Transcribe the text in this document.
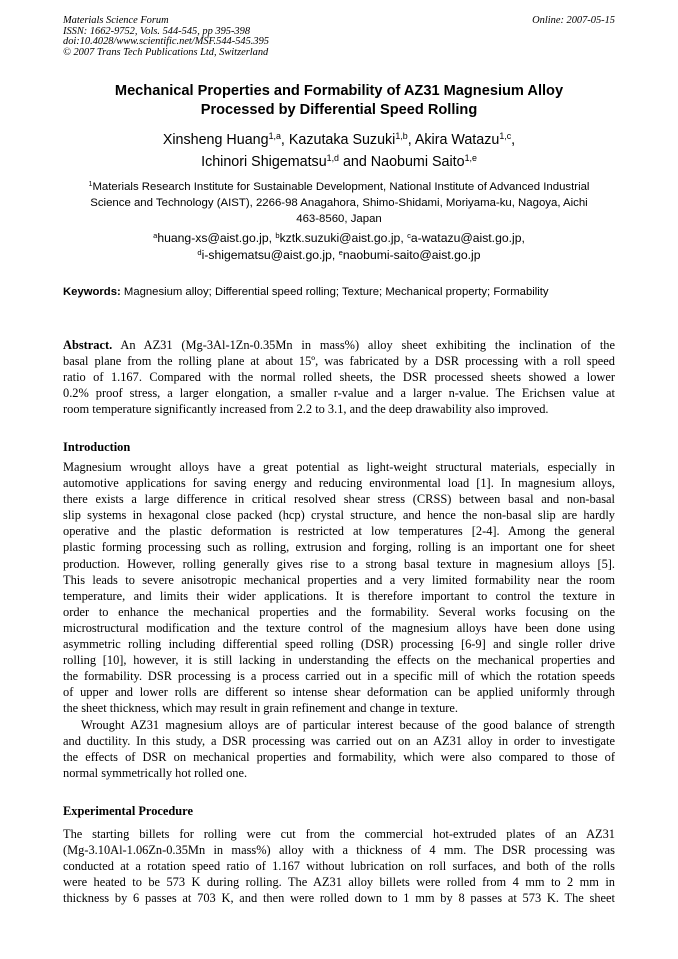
Materials Science Forum
ISSN: 1662-9752, Vols. 544-545, pp 395-398
doi:10.4028/www.scientific.net/MSF.544-545.395
© 2007 Trans Tech Publications Ltd, Switzerland
Online: 2007-05-15
Mechanical Properties and Formability of AZ31 Magnesium Alloy
Processed by Differential Speed Rolling
Xinsheng Huang$^{1,a}$, Kazutaka Suzuki$^{1,b}$, Akira Watazu$^{1,c}$,
Ichinori Shigematsu$^{1,d}$ and Naobumi Saito$^{1,e}$
$^1$Materials Research Institute for Sustainable Development, National Institute of Advanced Industrial
Science and Technology (AIST), 2266-98 Anagahora, Shimo-Shidami, Moriyama-ku, Nagoya, Aichi
463-8560, Japan
$^a$huang-xs@aist.go.jp, $^b$kztk.suzuki@aist.go.jp, $^c$a-watazu@aist.go.jp,
$^d$i-shigematsu@aist.go.jp, $^e$naobumi-saito@aist.go.jp
Keywords: Magnesium alloy; Differential speed rolling; Texture; Mechanical property; Formability
Abstract. An AZ31 (Mg-3Al-1Zn-0.35Mn in mass%) alloy sheet exhibiting the inclination of the
basal plane from the rolling plane at about 15º, was fabricated by a DSR processing with a roll speed
ratio of 1.167. Compared with the normal rolled sheets, the DSR processed sheets showed a lower
0.2% proof stress, a larger elongation, a smaller r-value and a larger n-value. The Erichsen value at
room temperature significantly increased from 2.2 to 3.1, and the deep drawability also improved.
Introduction
Magnesium wrought alloys have a great potential as light-weight structural materials, especially in
automotive applications for saving energy and reducing environmental load [1]. In magnesium alloys,
there exists a large difference in critical resolved shear stress (CRSS) between basal and non-basal
slip systems in hexagonal close packed (hcp) crystal structure, and hence the non-basal slip are hardly
operative and the plastic deformation is restricted at low temperatures [2-4]. Among the general
plastic forming processing such as rolling, extrusion and forging, rolling is an important one for sheet
production. However, rolling generally gives rise to a strong basal texture in magnesium alloys [5].
This leads to severe anisotropic mechanical properties and a very limited formability near the room
temperature, and limits their wider applications. It is therefore important to control the texture in
order to enhance the mechanical properties and the formability. Several works focusing on the
microstructural modification and the texture control of the magnesium alloys have been done using
asymmetric rolling including differential speed rolling (DSR) processing [6-9] and single roller drive
rolling [10], however, it is still lacking in understanding the effects on the mechanical properties and
the formability. DSR processing is a process carried out in a specific mill of which the rotation speeds
of upper and lower rolls are different so intense shear deformation can be applied uniformly through
the sheet thickness, which may result in grain refinement and change in texture.
Wrought AZ31 magnesium alloys are of particular interest because of the good balance of strength
and ductility. In this study, a DSR processing was carried out on an AZ31 alloy in order to investigate
the effects of DSR on mechanical properties and formability, which were also compared to those of
normal symmetrically hot rolled one.
Experimental Procedure
The starting billets for rolling were cut from the commercial hot-extruded plates of an AZ31
(Mg-3.10Al-1.06Zn-0.35Mn in mass%) alloy with a thickness of 4 mm. The DSR processing was
conducted at a rotation speed ratio of 1.167 without lubrication on roll surfaces, and both of the rolls
were heated to be 573 K during rolling. The AZ31 alloy billets were rolled from 4 mm to 2 mm in
thickness by 6 passes at 703 K, and then were rolled down to 1 mm by 8 passes at 573 K. The sheet
